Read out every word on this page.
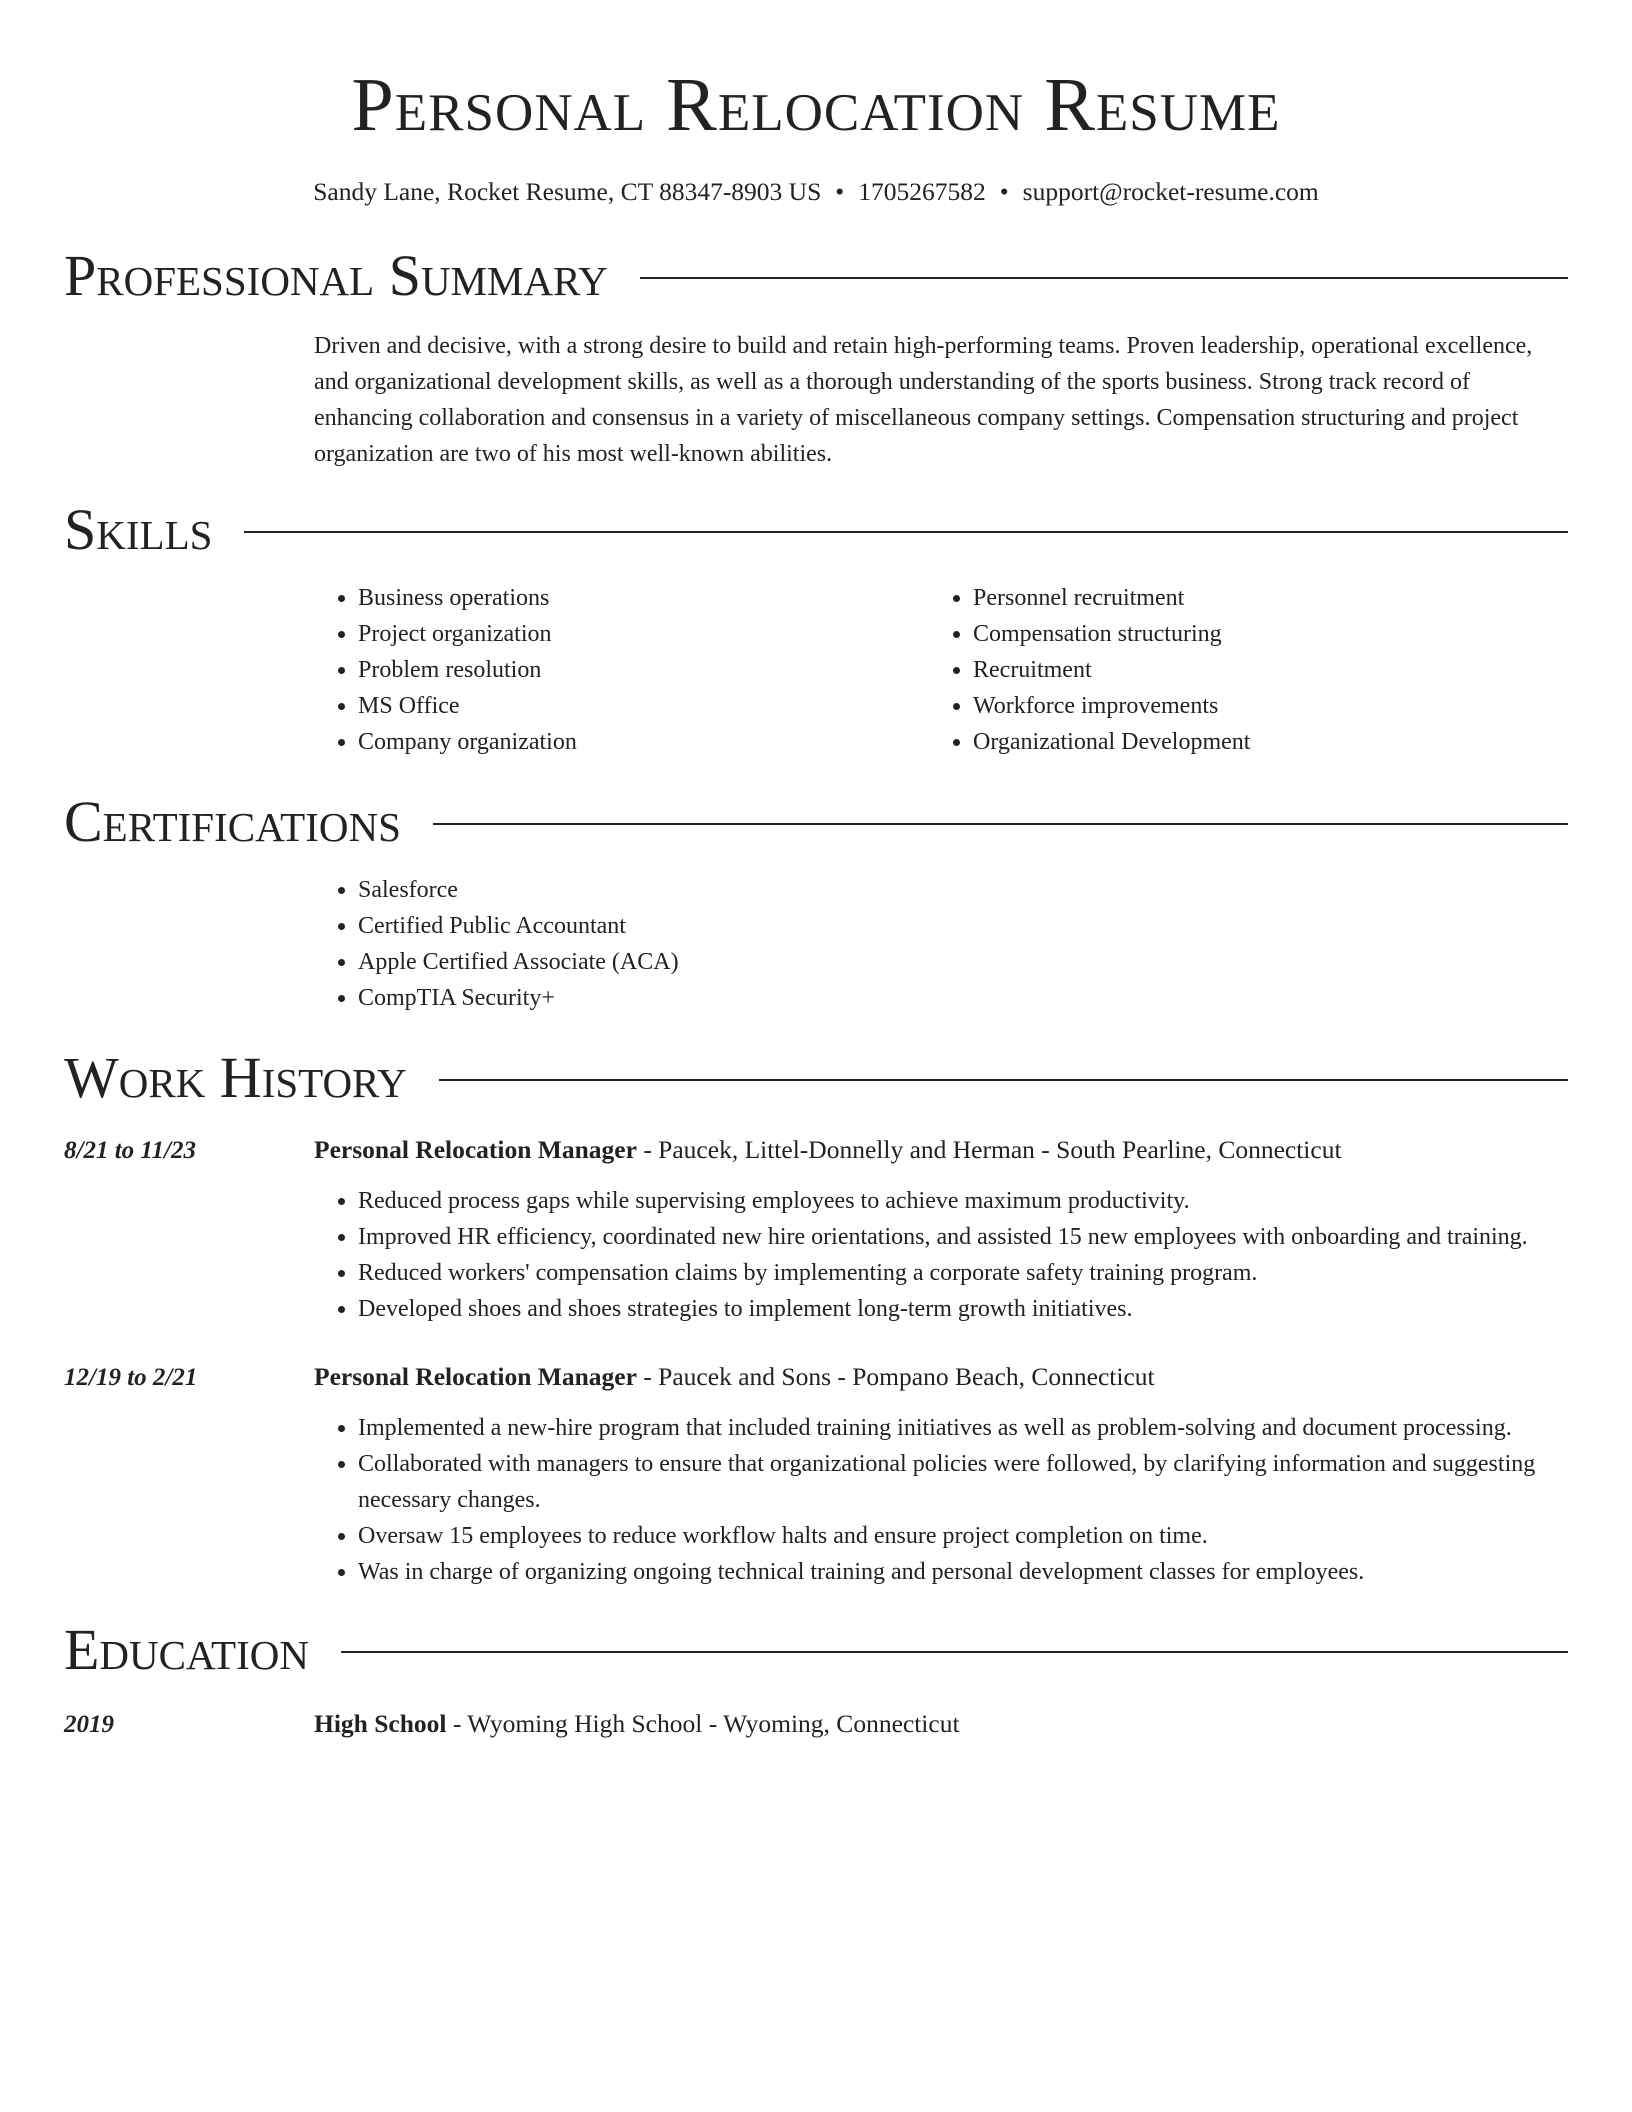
Personal Relocation Resume
Sandy Lane, Rocket Resume, CT 88347-8903 US • 1705267582 • support@rocket-resume.com
Professional Summary
Driven and decisive, with a strong desire to build and retain high-performing teams. Proven leadership, operational excellence, and organizational development skills, as well as a thorough understanding of the sports business. Strong track record of enhancing collaboration and consensus in a variety of miscellaneous company settings. Compensation structuring and project organization are two of his most well-known abilities.
Skills
• Business operations
• Project organization
• Problem resolution
• MS Office
• Company organization
• Personnel recruitment
• Compensation structuring
• Recruitment
• Workforce improvements
• Organizational Development
Certifications
• Salesforce
• Certified Public Accountant
• Apple Certified Associate (ACA)
• CompTIA Security+
Work History
8/21 to 11/23	Personal Relocation Manager - Paucek, Littel-Donnelly and Herman - South Pearline, Connecticut
• Reduced process gaps while supervising employees to achieve maximum productivity.
• Improved HR efficiency, coordinated new hire orientations, and assisted 15 new employees with onboarding and training.
• Reduced workers' compensation claims by implementing a corporate safety training program.
• Developed shoes and shoes strategies to implement long-term growth initiatives.
12/19 to 2/21	Personal Relocation Manager - Paucek and Sons - Pompano Beach, Connecticut
• Implemented a new-hire program that included training initiatives as well as problem-solving and document processing.
• Collaborated with managers to ensure that organizational policies were followed, by clarifying information and suggesting necessary changes.
• Oversaw 15 employees to reduce workflow halts and ensure project completion on time.
• Was in charge of organizing ongoing technical training and personal development classes for employees.
Education
2019	High School - Wyoming High School - Wyoming, Connecticut
